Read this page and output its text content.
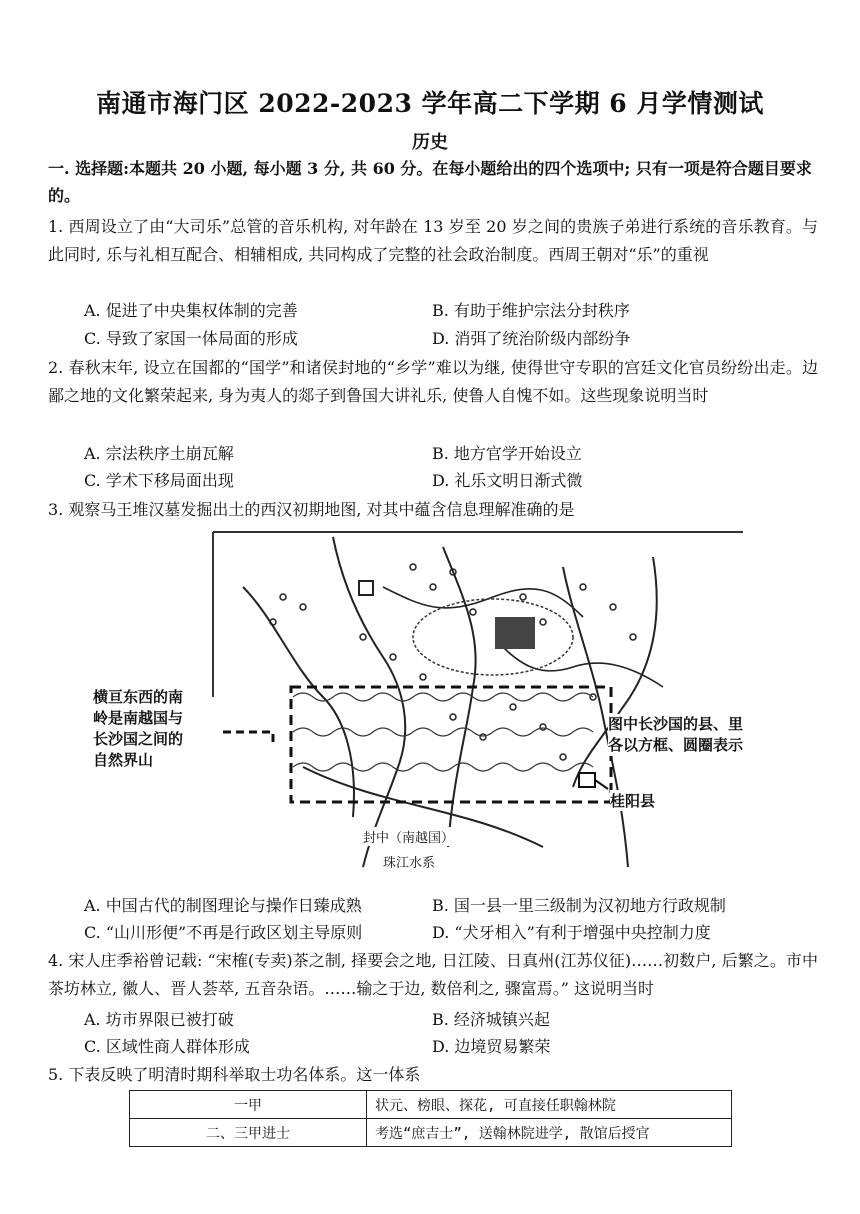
南通市海门区 2022-2023 学年高二下学期 6 月学情测试
历史
一. 选择题:本题共 20 小题, 每小题 3 分, 共 60 分。在每小题给出的四个选项中; 只有一项是符合题目要求的。
1. 西周设立了由“大司乐”总管的音乐机构, 对年龄在 13 岁至 20 岁之间的贵族子弟进行系统的音乐教育。与此同时, 乐与礼相互配合、相辅相成, 共同构成了完整的社会政治制度。西周王朝对“乐”的重视
A. 促进了中央集权体制的完善	B. 有助于维护宗法分封秩序
C. 导致了家国一体局面的形成	D. 消弭了统治阶级内部纷争
2. 春秋末年, 设立在国都的“国学”和诸侯封地的“乡学”难以为继, 使得世守专职的宫廷文化官员纷纷出走。边鄙之地的文化繁荣起来, 身为夷人的郯子到鲁国大讲礼乐, 使鲁人自愧不如。这些现象说明当时
A. 宗法秩序土崩瓦解	B. 地方官学开始设立
C. 学术下移局面出现	D. 礼乐文明日渐式微
3. 观察马王堆汉墓发掘出土的西汉初期地图, 对其中蕴含信息理解准确的是
横亘东西的南
岭是南越国与
长沙国之间的
自然界山
图中长沙国的县、里
各以方框、圆圈表示
桂阳县
封中（南越国）
珠江水系
A. 中国古代的制图理论与操作日臻成熟	B. 国一县一里三级制为汉初地方行政规制
C. “山川形便”不再是行政区划主导原则	D. “犬牙相入”有利于增强中央控制力度
4. 宋人庄季裕曾记载: “宋榷(专卖)茶之制, 择要会之地, 日江陵、日真州(江苏仪征)……初数户, 后繁之。市中茶坊林立, 徽人、晋人荟萃, 五音杂语。……输之于边, 数倍利之, 骤富焉。” 这说明当时
A. 坊市界限已被打破	B. 经济城镇兴起
C. 区域性商人群体形成	D. 边境贸易繁荣
5. 下表反映了明清时期科举取士功名体系。这一体系
一甲	状元、榜眼、探花, 可直接任职翰林院
二、三甲进士	考选“庶吉士”, 送翰林院进学, 散馆后授官
